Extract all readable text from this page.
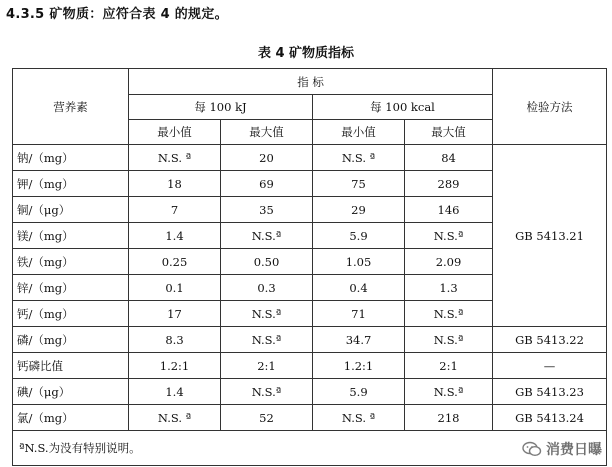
4.3.5 矿物质：应符合表 4 的规定。
表 4 矿物质指标
营养素	指 标				检验方法
	每 100 kJ		每 100 kcal		
	最小值	最大值	最小值	最大值	
钠/（mg）	N.S. ª	20	N.S. ª	84	GB 5413.21
钾/（mg）	18	69	75	289	
铜/（μg）	7	35	29	146	
镁/（mg）	1.4	N.S.ª	5.9	N.S.ª	
铁/（mg）	0.25	0.50	1.05	2.09	
锌/（mg）	0.1	0.3	0.4	1.3	
钙/（mg）	17	N.S.ª	71	N.S.ª	
磷/（mg）	8.3	N.S.ª	34.7	N.S.ª	GB 5413.22
钙磷比值	1.2:1	2:1	1.2:1	2:1	—
碘/（μg）	1.4	N.S.ª	5.9	N.S.ª	GB 5413.23
氯/（mg）	N.S. ª	52	N.S. ª	218	GB 5413.24
ªN.S.为没有特别说明。						消费日曝
